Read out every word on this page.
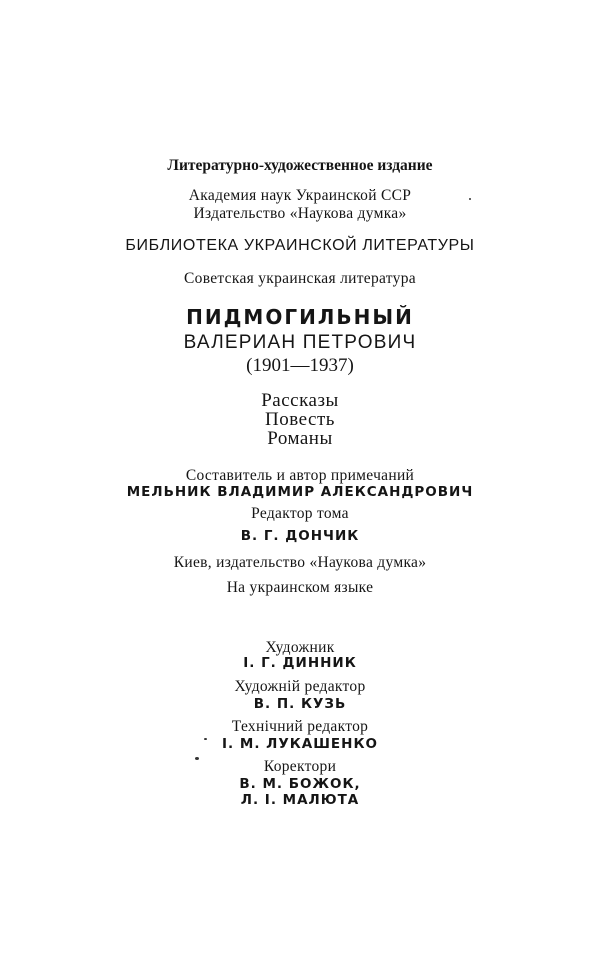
Литературно-художественное издание
Академия наук Украинской ССР
Издательство «Наукова думка»
БИБЛИОТЕКА УКРАИНСКОЙ ЛИТЕРАТУРЫ
Советская украинская литература
ПИДМОГИЛЬНЫЙ
ВАЛЕРИАН ПЕТРОВИЧ
(1901—1937)
Рассказы
Повесть
Романы
Составитель и автор примечаний
МЕЛЬНИК ВЛАДИМИР АЛЕКСАНДРОВИЧ
Редактор тома
В. Г. ДОНЧИК
Киев, издательство «Наукова думка»
На украинском языке
Художник
І. Г. ДИННИК
Художній редактор
В. П. КУЗЬ
Технічний редактор
І. М. ЛУКАШЕНКО
Коректори
В. М. БОЖОК,
Л. І. МАЛЮТА
